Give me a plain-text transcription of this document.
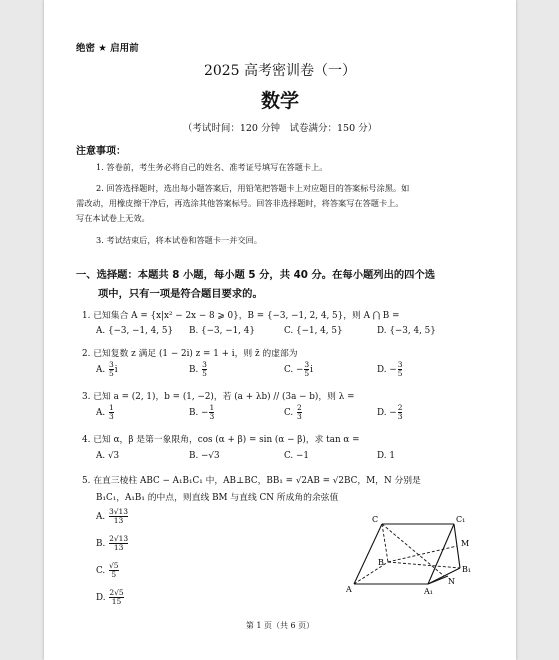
绝密 ★ 启用前
2025 高考密训卷（一）
数学
（考试时间：120 分钟　试卷满分：150 分）
注意事项：
1. 答卷前，考生务必将自己的姓名、准考证号填写在答题卡上。
2. 回答选择题时，选出每小题答案后，用铅笔把答题卡上对应题目的答案标号涂黑。如
需改动，用橡皮擦干净后，再选涂其他答案标号。回答非选择题时，将答案写在答题卡上。
写在本试卷上无效。
3. 考试结束后，将本试卷和答题卡一并交回。
一、选择题：本题共 8 小题，每小题 5 分，共 40 分。在每小题列出的四个选
项中，只有一项是符合题目要求的。
1. 已知集合 A = {x|x² − 2x − 8 ⩾ 0}，B = {−3, −1, 2, 4, 5}，则 A ⋂ B =
A. {−3, −1, 4, 5} B. {−3, −1, 4}	C. {−1, 4, 5}	D. {−3, 4, 5}
2. 已知复数 z 满足 (1 − 2i) z = 1 + i，则 z̄ 的虚部为
A. $\frac{3}{5}$ i	B. $\frac{3}{5}$	C. − $\frac{3}{5}$ i	D. − $\frac{3}{5}$
3. 已知 a = (2, 1)，b = (1, −2)，若 (a + λb) // (3a − b)，则 λ =
A. $\frac{1}{3}$	B. − $\frac{1}{3}$	C. $\frac{2}{3}$	D. − $\frac{2}{3}$
4. 已知 α，β 是第一象限角，cos (α + β) = sin (α − β)，求 tan α =
A. √3	B. −√3	C. −1	D. 1
5. 在直三棱柱 ABC − A₁B₁C₁ 中，AB⊥BC，BB₁ = √2AB = √2BC，M，N 分别是
B₁C₁，A₁B₁ 的中点，则直线 BM 与直线 CN 所成角的余弦值
A. $\frac{3√13}{13}$
B. $\frac{2√13}{13}$
C. $\frac{√5}{5}$
D. $\frac{2√5}{15}$
C	C₁
B
B₁
A	A₁
M
N
第 1 页（共 6 页）
